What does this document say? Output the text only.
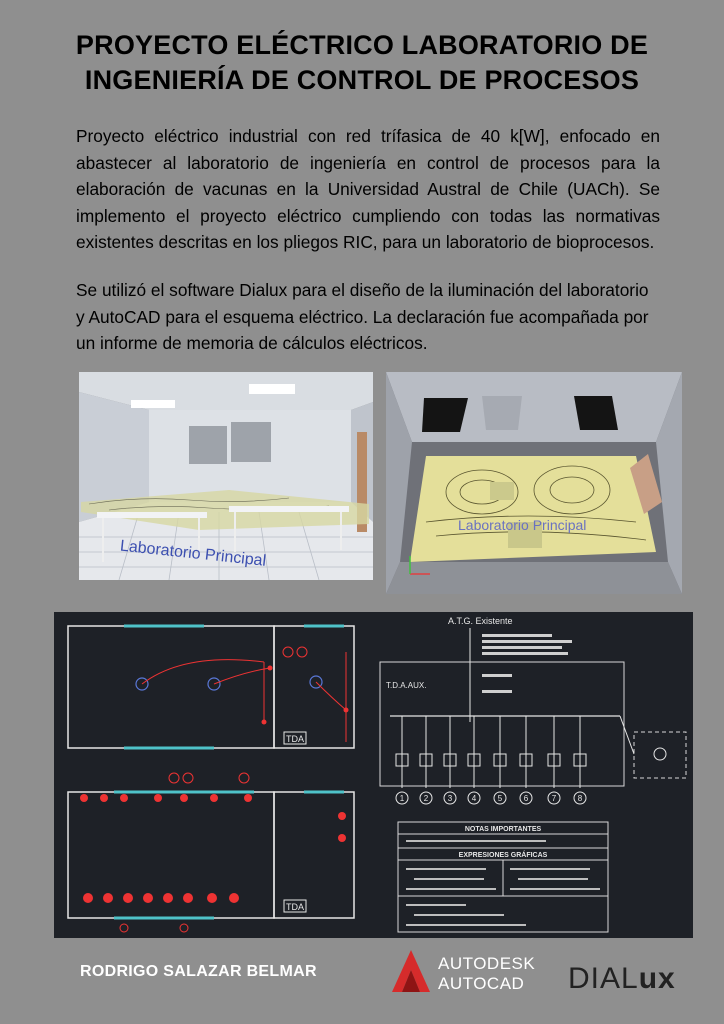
PROYECTO ELÉCTRICO LABORATORIO DE
INGENIERÍA DE CONTROL DE PROCESOS

Proyecto eléctrico industrial con red trífasica de 40 k[W], enfocado en abastecer al laboratorio de ingeniería en control de procesos para la elaboración de vacunas en la Universidad Austral de Chile (UACh). Se implemento el proyecto eléctrico cumpliendo con todas las normativas existentes descritas en los pliegos RIC, para un laboratorio de bioprocesos.

Se utilizó el software Dialux para el diseño de la iluminación del laboratorio y AutoCAD para el esquema eléctrico. La declaración fue acompañada por un informe de memoria de cálculos eléctricos.

Laboratorio Principal
Laboratorio Principal
TDA
TDA
A.T.G. Existente
T.D.A.AUX.
1 2 3 4	5	6	7	8
NOTAS IMPORTANTES
EXPRESIONES GRÁFICAS
RODRIGO SALAZAR BELMAR	AUTODESK
AUTOCAD DIALux
